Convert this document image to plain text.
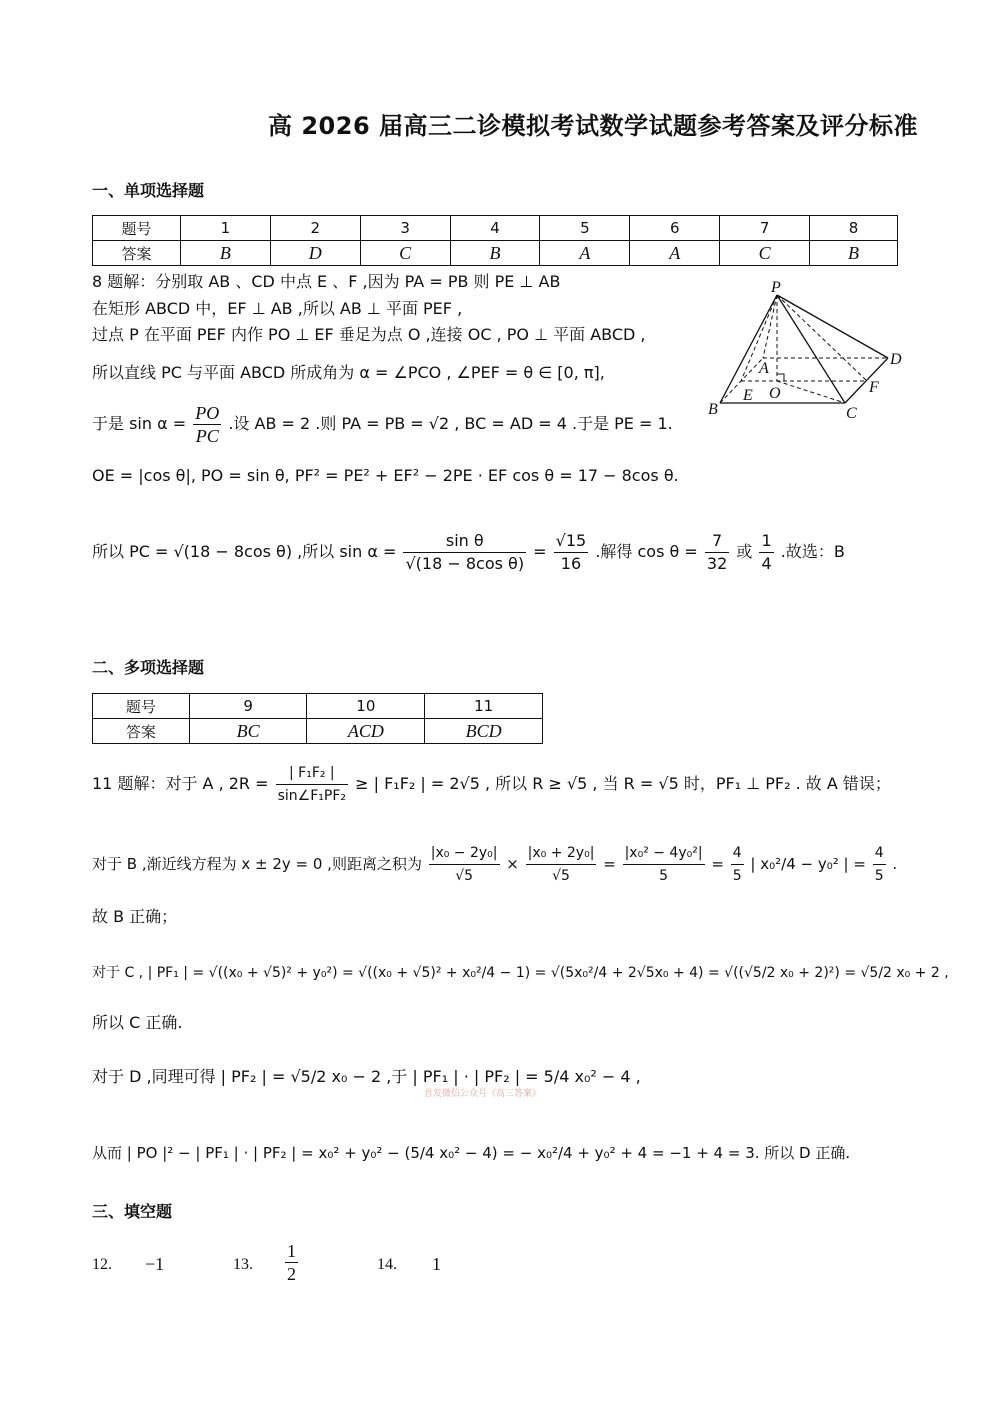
高 2026 届高三二诊模拟考试数学试题参考答案及评分标准
一、单项选择题
题号	1	2	3	4	5	6	7	8
答案	B	D	C	B	A	A	C	B
8 题解：分别取 AB 、CD 中点 E 、F ,因为 PA = PB 则 PE ⊥ AB
在矩形 ABCD 中，EF ⊥ AB ,所以 AB ⊥ 平面 PEF ,
过点 P 在平面 PEF 内作 PO ⊥ EF 垂足为点 O ,连接 OC , PO ⊥ 平面 ABCD ,
所以直线 PC 与平面 ABCD 所成角为 α = ∠PCO , ∠PEF = θ ∈ [0, π],
于是 $\sin \alpha = \frac{PO}{PC}$ .设 AB = 2 .则 PA = PB = √2 , BC = AD = 4 .于是 PE = 1.
OE = |cos θ|, PO = sin θ, PF² = PE² + EF² − 2PE · EF cos θ = 17 − 8cos θ.
所以 PC = √(18 − 8cos θ) ,所以 $\sin \alpha = \frac{\text{sin θ}}{\text{√(18 − 8cos θ)}} = \frac{√15}{16}$ .解得 $\cos \theta = \frac{7}{32}$ 或 $\frac{1}{4}$ .故选：B
P
D
A
F
E O
B	C
二、多项选择题
题号	9	10	11
答案	BC	ACD	BCD
11 题解：对于 A , $2R = \frac{\text{| F₁F₂ |}}{\text{sin∠F₁PF₂}}$ ≥ | F₁F₂ | = 2√5 , 所以 R ≥ √5 , 当 R = √5 时，PF₁ ⊥ PF₂ . 故 A 错误；
对于 B ,渐近线方程为 x ± 2y = 0 ,则距离之积为 $\frac{\text{|x₀ − 2y₀|}}{√5} \times \frac{\text{|x₀ + 2y₀|}}{√5} = \frac{\text{|x₀² − 4y₀²|}}{5} = \frac{4}{5}$ | x₀²/4 − y₀² | = $\frac{4}{5}$ .
故 B 正确；
对于 C , | PF₁ | = √((x₀ + √5)² + y₀²) = √((x₀ + √5)² + x₀²/4 − 1) = √(5x₀²/4 + 2√5x₀ + 4) = √((√5/2 x₀ + 2)²) = √5/2 x₀ + 2 ,
所以 C 正确.
对于 D ,同理可得 | PF₂ | = √5/2 x₀ − 2 ,于 | PF₁ | · | PF₂ | = 5/4 x₀² − 4 ,
首发微信公众号《高三答案》
从而 | PO |² − | PF₁ | · | PF₂ | = x₀² + y₀² − (5/4 x₀² − 4) = − x₀²/4 + y₀² + 4 = −1 + 4 = 3. 所以 D 正确.
三、填空题
12. −1	13. $\frac{1}{2}$	14. 1
